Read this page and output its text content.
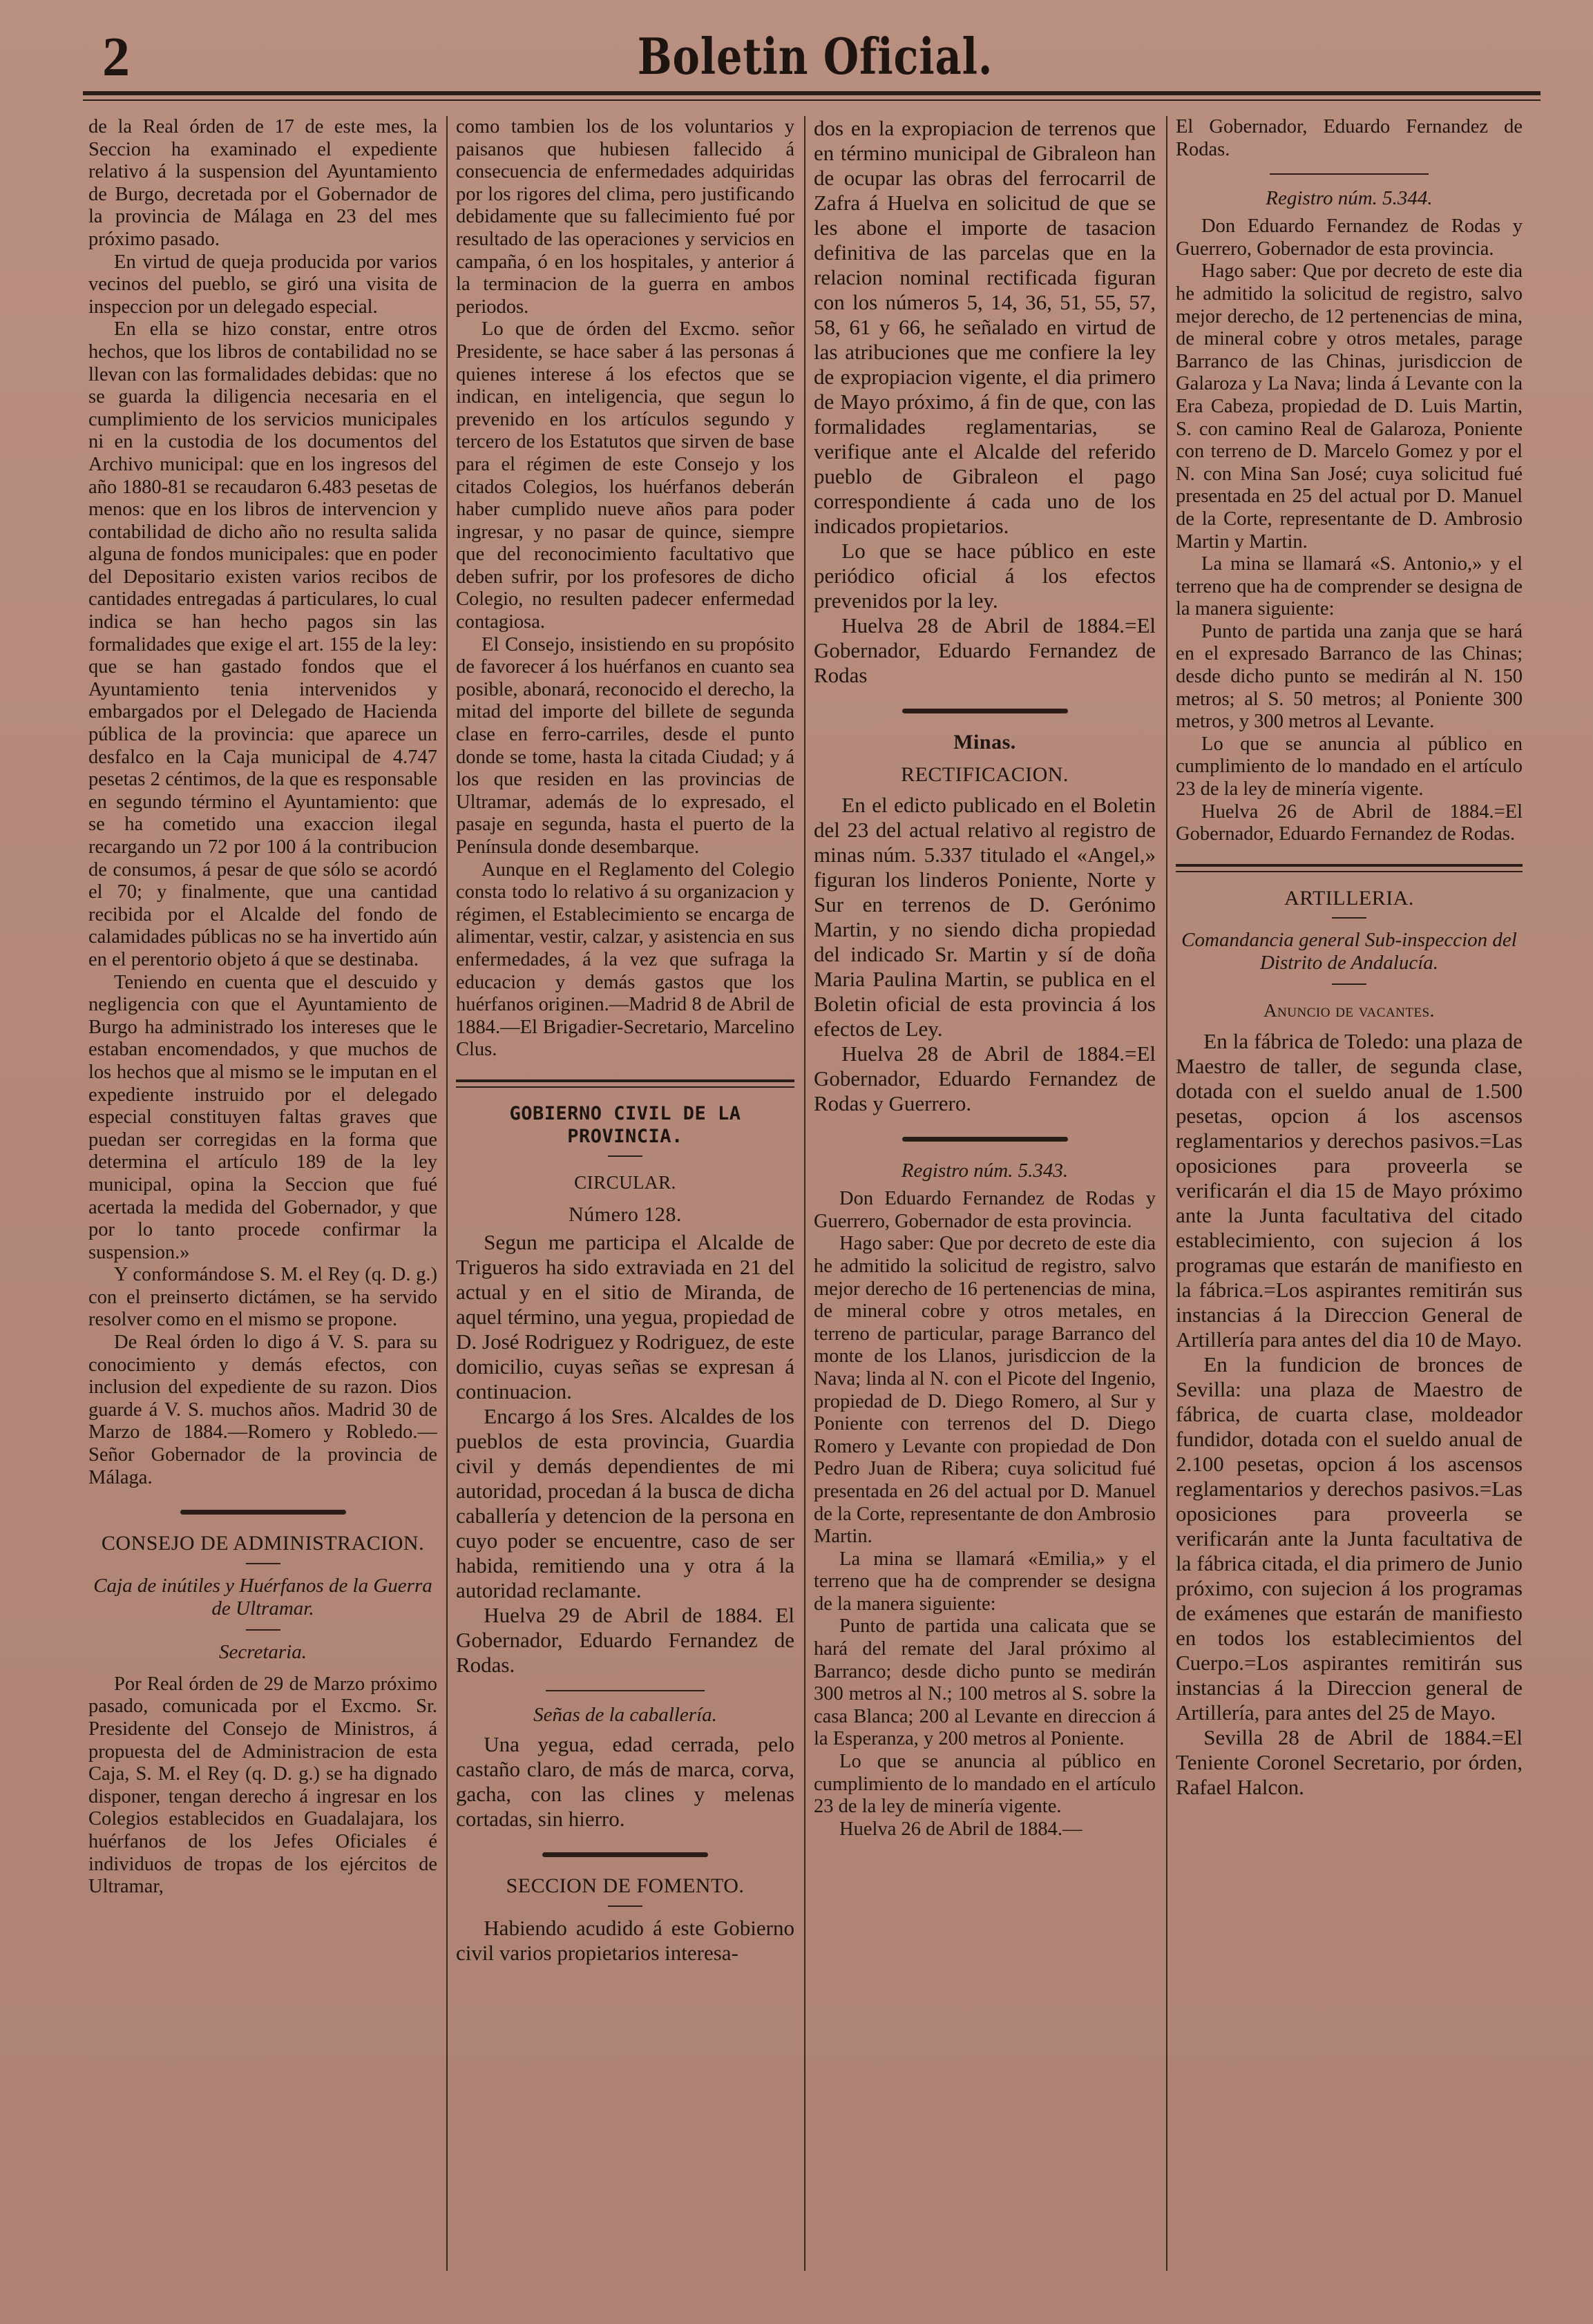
2	Boletin Oficial.

de la Real órden de 17 de este mes, la Seccion ha examinado el expediente relativo á la suspension del Ayuntamiento de Burgo, decretada por el Gobernador de la provincia de Málaga en 23 del mes próximo pasado.

En virtud de queja producida por varios vecinos del pueblo, se giró una visita de inspeccion por un delegado especial.

En ella se hizo constar, entre otros hechos, que los libros de contabilidad no se llevan con las formalidades debidas: que no se guarda la diligencia necesaria en el cumplimiento de los servicios municipales ni en la custodia de los documentos del Archivo municipal: que en los ingresos del año 1880-81 se recaudaron 6.483 pesetas de menos: que en los libros de intervencion y contabilidad de dicho año no resulta salida alguna de fondos municipales: que en poder del Depositario existen varios recibos de cantidades entregadas á particulares, lo cual indica se han hecho pagos sin las formalidades que exige el art. 155 de la ley: que se han gastado fondos que el Ayuntamiento tenia intervenidos y embargados por el Delegado de Hacienda pública de la provincia: que aparece un desfalco en la Caja municipal de 4.747 pesetas 2 céntimos, de la que es responsable en segundo término el Ayuntamiento: que se ha cometido una exaccion ilegal recargando un 72 por 100 á la contribucion de consumos, á pesar de que sólo se acordó el 70; y finalmente, que una cantidad recibida por el Alcalde del fondo de calamidades públicas no se ha invertido aún en el perentorio objeto á que se destinaba.

Teniendo en cuenta que el descuido y negligencia con que el Ayuntamiento de Burgo ha administrado los intereses que le estaban encomendados, y que muchos de los hechos que al mismo se le imputan en el expediente instruido por el delegado especial constituyen faltas graves que puedan ser corregidas en la forma que determina el artículo 189 de la ley municipal, opina la Seccion que fué acertada la medida del Gobernador, y que por lo tanto procede confirmar la suspension.»

Y conformándose S. M. el Rey (q. D. g.) con el preinserto dictámen, se ha servido resolver como en el mismo se propone.

De Real órden lo digo á V. S. para su conocimiento y demás efectos, con inclusion del expediente de su razon. Dios guarde á V. S. muchos años. Madrid 30 de Marzo de 1884.—Romero y Robledo.—Señor Gobernador de la provincia de Málaga.

CONSEJO DE ADMINISTRACION.
Caja de inútiles y Huérfanos de la Guerra de Ultramar.
Secretaria.

Por Real órden de 29 de Marzo próximo pasado, comunicada por el Excmo. Sr. Presidente del Consejo de Ministros, á propuesta del de Administracion de esta Caja, S. M. el Rey (q. D. g.) se ha dignado disponer, tengan derecho á ingresar en los Colegios establecidos en Guadalajara, los huérfanos de los Jefes Oficiales é individuos de tropas de los ejércitos de Ultramar,

como tambien los de los voluntarios y paisanos que hubiesen fallecido á consecuencia de enfermedades adquiridas por los rigores del clima, pero justificando debidamente que su fallecimiento fué por resultado de las operaciones y servicios en campaña, ó en los hospitales, y anterior á la terminacion de la guerra en ambos periodos.

Lo que de órden del Excmo. señor Presidente, se hace saber á las personas á quienes interese á los efectos que se indican, en inteligencia, que segun lo prevenido en los artículos segundo y tercero de los Estatutos que sirven de base para el régimen de este Consejo y los citados Colegios, los huérfanos deberán haber cumplido nueve años para poder ingresar, y no pasar de quince, siempre que del reconocimiento facultativo que deben sufrir, por los profesores de dicho Colegio, no resulten padecer enfermedad contagiosa.

El Consejo, insistiendo en su propósito de favorecer á los huérfanos en cuanto sea posible, abonará, reconocido el derecho, la mitad del importe del billete de segunda clase en ferro-carriles, desde el punto donde se tome, hasta la citada Ciudad; y á los que residen en las provincias de Ultramar, además de lo expresado, el pasaje en segunda, hasta el puerto de la Península donde desembarque.

Aunque en el Reglamento del Colegio consta todo lo relativo á su organizacion y régimen, el Establecimiento se encarga de alimentar, vestir, calzar, y asistencia en sus enfermedades, á la vez que sufraga la educacion y demás gastos que los huérfanos originen.—Madrid 8 de Abril de 1884.—El Brigadier-Secretario, Marcelino Clus.

GOBIERNO CIVIL DE LA PROVINCIA.
CIRCULAR.
Número 128.

Segun me participa el Alcalde de Trigueros ha sido extraviada en 21 del actual y en el sitio de Miranda, de aquel término, una yegua, propiedad de D. José Rodriguez y Rodriguez, de este domicilio, cuyas señas se expresan á continuacion.

Encargo á los Sres. Alcaldes de los pueblos de esta provincia, Guardia civil y demás dependientes de mi autoridad, procedan á la busca de dicha caballería y detencion de la persona en cuyo poder se encuentre, caso de ser habida, remitiendo una y otra á la autoridad reclamante.

Huelva 29 de Abril de 1884. El Gobernador, Eduardo Fernandez de Rodas.

Señas de la caballería.

Una yegua, edad cerrada, pelo castaño claro, de más de marca, corva, gacha, con las clines y melenas cortadas, sin hierro.

SECCION DE FOMENTO.

Habiendo acudido á este Gobierno civil varios propietarios interesa-

dos en la expropiacion de terrenos que en término municipal de Gibraleon han de ocupar las obras del ferrocarril de Zafra á Huelva en solicitud de que se les abone el importe de tasacion definitiva de las parcelas que en la relacion nominal rectificada figuran con los números 5, 14, 36, 51, 55, 57, 58, 61 y 66, he señalado en virtud de las atribuciones que me confiere la ley de expropiacion vigente, el dia primero de Mayo próximo, á fin de que, con las formalidades reglamentarias, se verifique ante el Alcalde del referido pueblo de Gibraleon el pago correspondiente á cada uno de los indicados propietarios.

Lo que se hace público en este periódico oficial á los efectos prevenidos por la ley.

Huelva 28 de Abril de 1884.=El Gobernador, Eduardo Fernandez de Rodas

Minas.
RECTIFICACION.

En el edicto publicado en el Boletin del 23 del actual relativo al registro de minas núm. 5.337 titulado el «Angel,» figuran los linderos Poniente, Norte y Sur en terrenos de D. Gerónimo Martin, y no siendo dicha propiedad del indicado Sr. Martin y sí de doña Maria Paulina Martin, se publica en el Boletin oficial de esta provincia á los efectos de Ley.

Huelva 28 de Abril de 1884.=El Gobernador, Eduardo Fernandez de Rodas y Guerrero.

Registro núm. 5.343.

Don Eduardo Fernandez de Rodas y Guerrero, Gobernador de esta provincia.

Hago saber: Que por decreto de este dia he admitido la solicitud de registro, salvo mejor derecho de 16 pertenencias de mina, de mineral cobre y otros metales, en terreno de particular, parage Barranco del monte de los Llanos, jurisdiccion de la Nava; linda al N. con el Picote del Ingenio, propiedad de D. Diego Romero, al Sur y Poniente con terrenos del D. Diego Romero y Levante con propiedad de Don Pedro Juan de Ribera; cuya solicitud fué presentada en 26 del actual por D. Manuel de la Corte, representante de don Ambrosio Martin.

La mina se llamará «Emilia,» y el terreno que ha de comprender se designa de la manera siguiente:

Punto de partida una calicata que se hará del remate del Jaral próximo al Barranco; desde dicho punto se medirán 300 metros al N.; 100 metros al S. sobre la casa Blanca; 200 al Levante en direccion á la Esperanza, y 200 metros al Poniente.

Lo que se anuncia al público en cumplimiento de lo mandado en el artículo 23 de la ley de minería vigente.

Huelva 26 de Abril de 1884.—

El Gobernador, Eduardo Fernandez de Rodas.

Registro núm. 5.344.

Don Eduardo Fernandez de Rodas y Guerrero, Gobernador de esta provincia.

Hago saber: Que por decreto de este dia he admitido la solicitud de registro, salvo mejor derecho, de 12 pertenencias de mina, de mineral cobre y otros metales, parage Barranco de las Chinas, jurisdiccion de Galaroza y La Nava; linda á Levante con la Era Cabeza, propiedad de D. Luis Martin, S. con camino Real de Galaroza, Poniente con terreno de D. Marcelo Gomez y por el N. con Mina San José; cuya solicitud fué presentada en 25 del actual por D. Manuel de la Corte, representante de D. Ambrosio Martin y Martin.

La mina se llamará «S. Antonio,» y el terreno que ha de comprender se designa de la manera siguiente:

Punto de partida una zanja que se hará en el expresado Barranco de las Chinas; desde dicho punto se medirán al N. 150 metros; al S. 50 metros; al Poniente 300 metros, y 300 metros al Levante.

Lo que se anuncia al público en cumplimiento de lo mandado en el artículo 23 de la ley de minería vigente.

Huelva 26 de Abril de 1884.=El Gobernador, Eduardo Fernandez de Rodas.

ARTILLERIA.
Comandancia general Sub-inspeccion del Distrito de Andalucía.
Anuncio de vacantes.

En la fábrica de Toledo: una plaza de Maestro de taller, de segunda clase, dotada con el sueldo anual de 1.500 pesetas, opcion á los ascensos reglamentarios y derechos pasivos.=Las oposiciones para proveerla se verificarán el dia 15 de Mayo próximo ante la Junta facultativa del citado establecimiento, con sujecion á los programas que estarán de manifiesto en la fábrica.=Los aspirantes remitirán sus instancias á la Direccion General de Artillería para antes del dia 10 de Mayo.

En la fundicion de bronces de Sevilla: una plaza de Maestro de fábrica, de cuarta clase, moldeador fundidor, dotada con el sueldo anual de 2.100 pesetas, opcion á los ascensos reglamentarios y derechos pasivos.=Las oposiciones para proveerla se verificarán ante la Junta facultativa de la fábrica citada, el dia primero de Junio próximo, con sujecion á los programas de exámenes que estarán de manifiesto en todos los establecimientos del Cuerpo.=Los aspirantes remitirán sus instancias á la Direccion general de Artillería, para antes del 25 de Mayo.

Sevilla 28 de Abril de 1884.=El Teniente Coronel Secretario, por órden, Rafael Halcon.
